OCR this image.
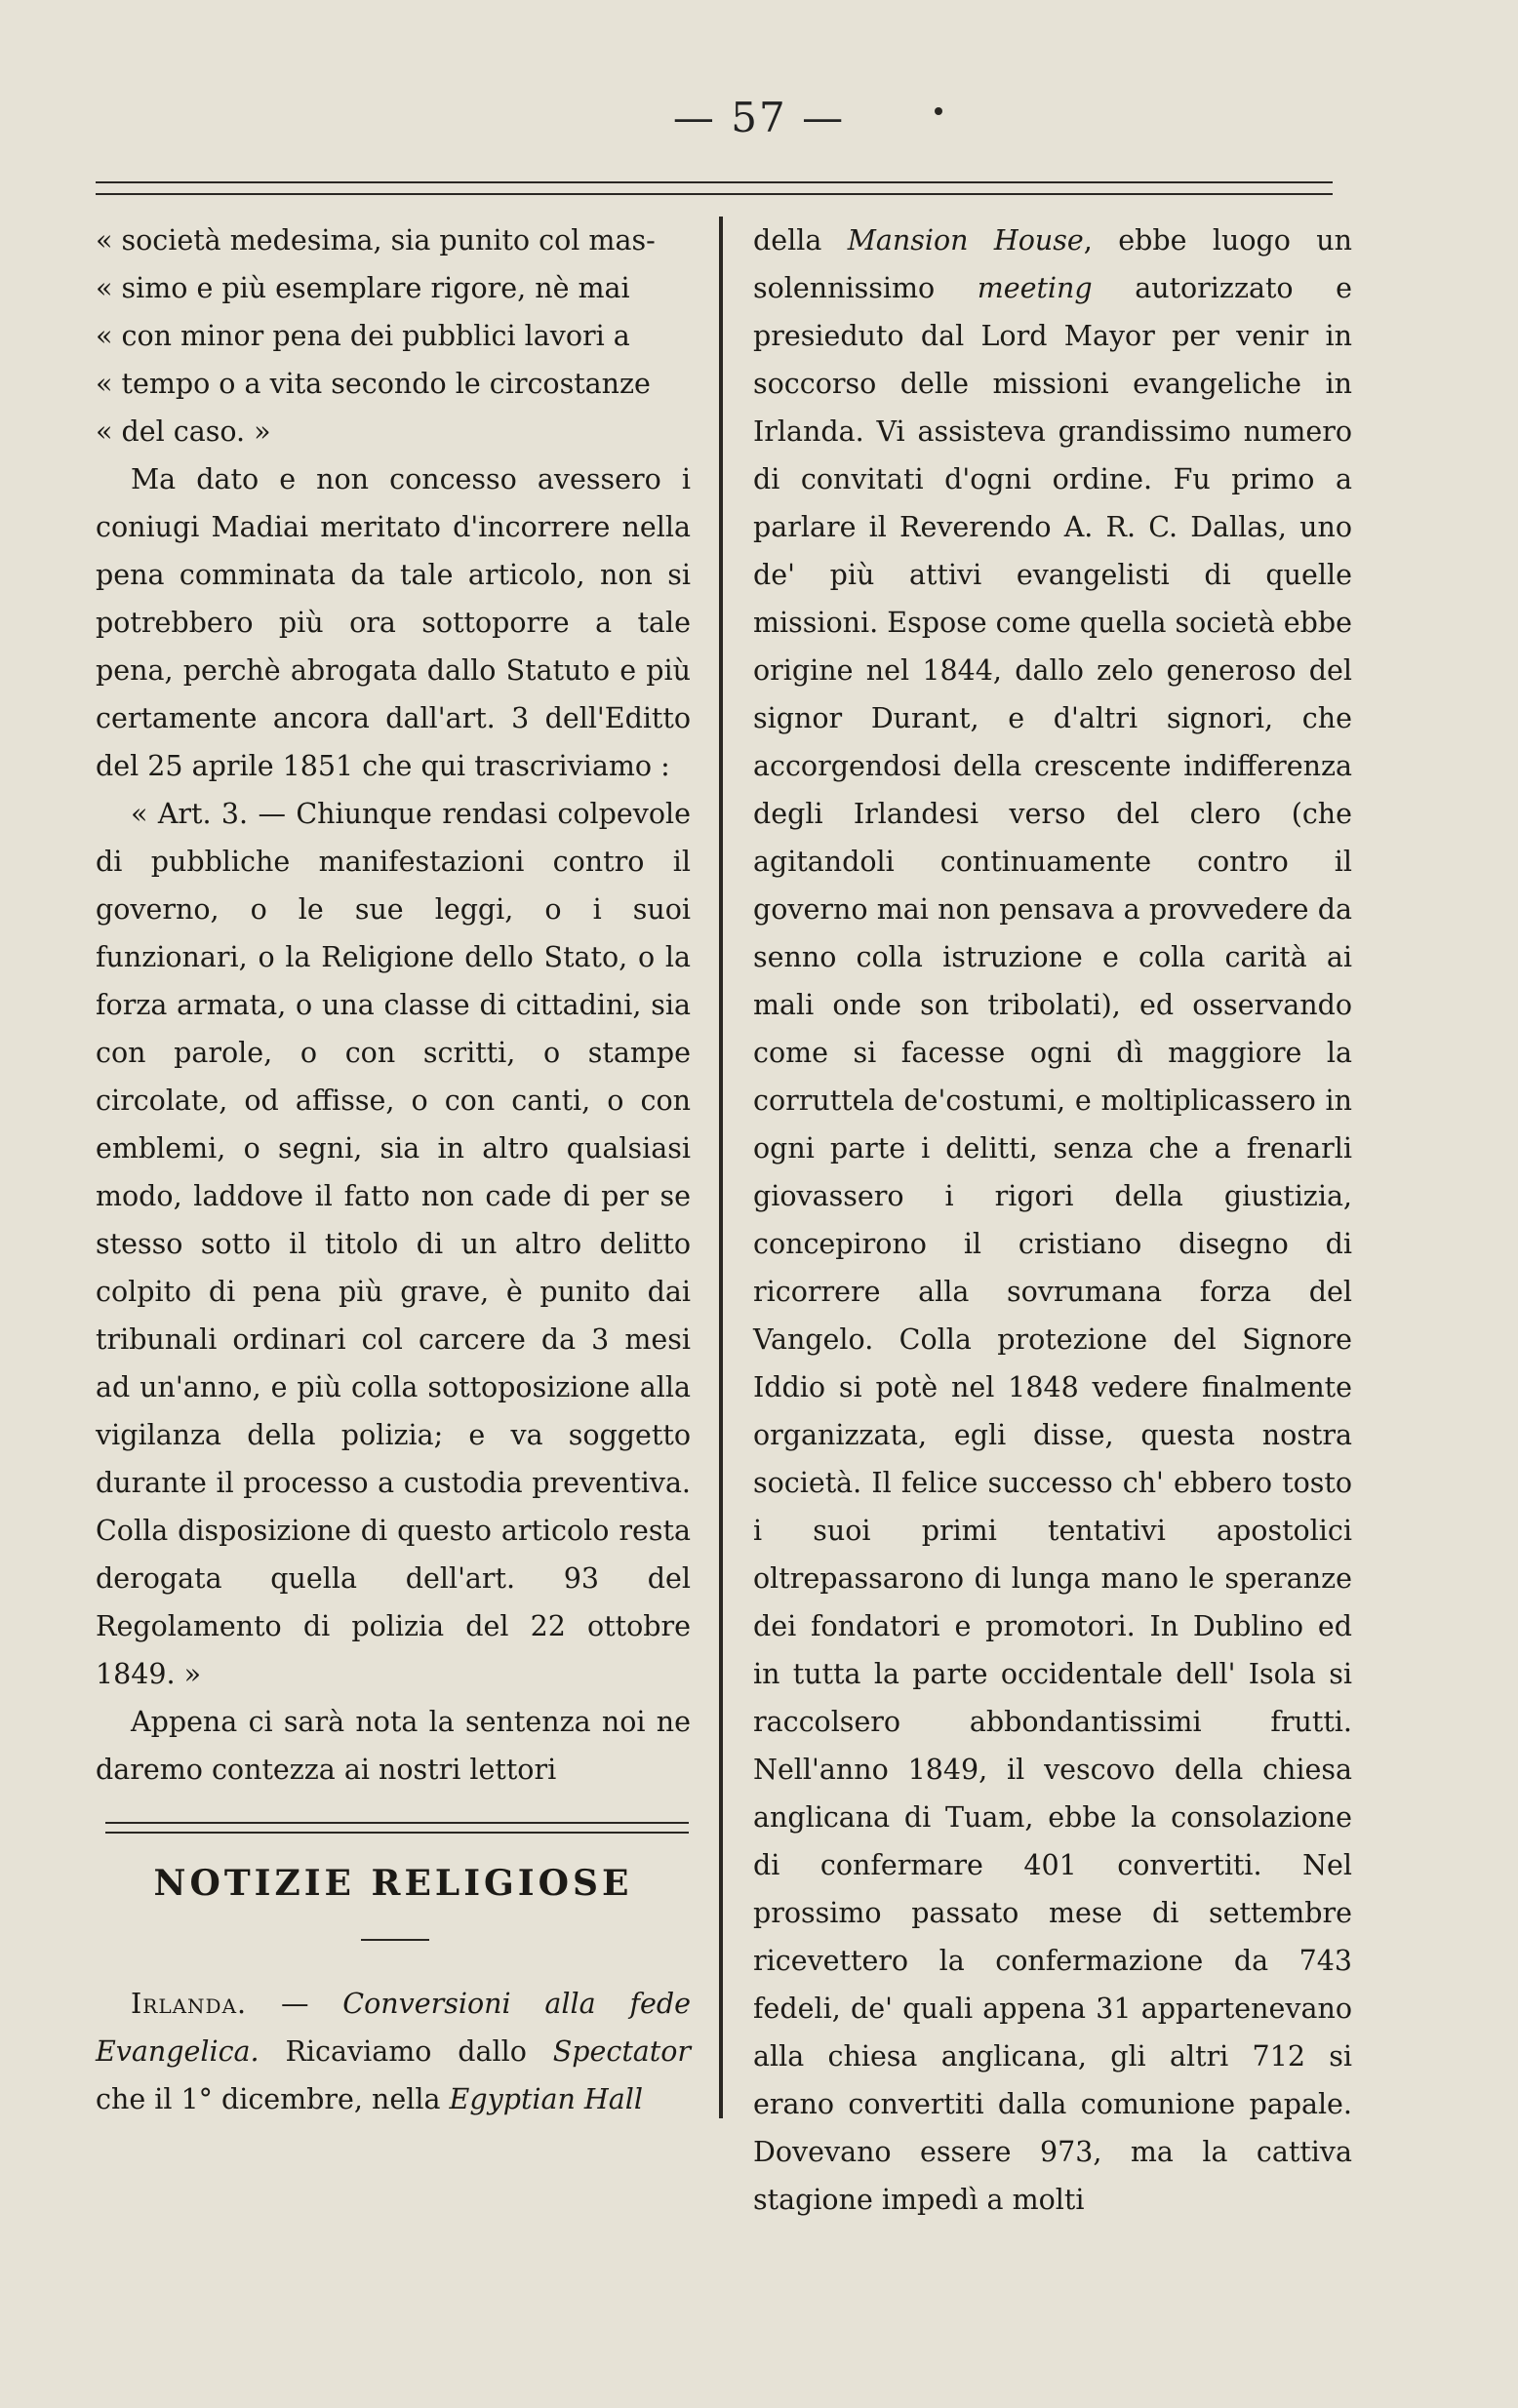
— 57 —

« società medesima, sia punito col mas-

« simo e più esemplare rigore, nè mai

« con minor pena dei pubblici lavori a

« tempo o a vita secondo le circostanze

« del caso. »

Ma dato e non concesso avessero i coniugi Madiai meritato d'incorrere nella pena comminata da tale articolo, non si potrebbero più ora sottoporre a tale pena, perchè abrogata dallo Statuto e più certamente ancora dall'art. 3 dell'Editto del 25 aprile 1851 che qui trascriviamo :

« Art. 3. — Chiunque rendasi colpevole di pubbliche manifestazioni contro il governo, o le sue leggi, o i suoi funzionari, o la Religione dello Stato, o la forza armata, o una classe di cittadini, sia con parole, o con scritti, o stampe circolate, od affisse, o con canti, o con emblemi, o segni, sia in altro qualsiasi modo, laddove il fatto non cade di per se stesso sotto il titolo di un altro delitto colpito di pena più grave, è punito dai tribunali ordinari col carcere da 3 mesi ad un'anno, e più colla sottoposizione alla vigilanza della polizia; e va soggetto durante il processo a custodia preventiva. Colla disposizione di questo articolo resta derogata quella dell'art. 93 del Regolamento di polizia del 22 ottobre 1849. »

Appena ci sarà nota la sentenza noi ne daremo contezza ai nostri lettori

NOTIZIE RELIGIOSE

Irlanda. — Conversioni alla fede Evangelica. Ricaviamo dallo Spectator che il 1° dicembre, nella Egyptian Hall

della Mansion House, ebbe luogo un solennissimo meeting autorizzato e presieduto dal Lord Mayor per venir in soccorso delle missioni evangeliche in Irlanda. Vi assisteva grandissimo numero di convitati d'ogni ordine. Fu primo a parlare il Reverendo A. R. C. Dallas, uno de' più attivi evangelisti di quelle missioni. Espose come quella società ebbe origine nel 1844, dallo zelo generoso del signor Durant, e d'altri signori, che accorgendosi della crescente indifferenza degli Irlandesi verso del clero (che agitandoli continuamente contro il governo mai non pensava a provvedere da senno colla istruzione e colla carità ai mali onde son tribolati), ed osservando come si facesse ogni dì maggiore la corruttela de'costumi, e moltiplicassero in ogni parte i delitti, senza che a frenarli giovassero i rigori della giustizia, concepirono il cristiano disegno di ricorrere alla sovrumana forza del Vangelo. Colla protezione del Signore Iddio si potè nel 1848 vedere finalmente organizzata, egli disse, questa nostra società. Il felice successo ch' ebbero tosto i suoi primi tentativi apostolici oltrepassarono di lunga mano le speranze dei fondatori e promotori. In Dublino ed in tutta la parte occidentale dell' Isola si raccolsero abbondantissimi frutti. Nell'anno 1849, il vescovo della chiesa anglicana di Tuam, ebbe la consolazione di confermare 401 convertiti. Nel prossimo passato mese di settembre ricevettero la confermazione da 743 fedeli, de' quali appena 31 appartenevano alla chiesa anglicana, gli altri 712 si erano convertiti dalla comunione papale. Dovevano essere 973, ma la cattiva stagione impedì a molti
